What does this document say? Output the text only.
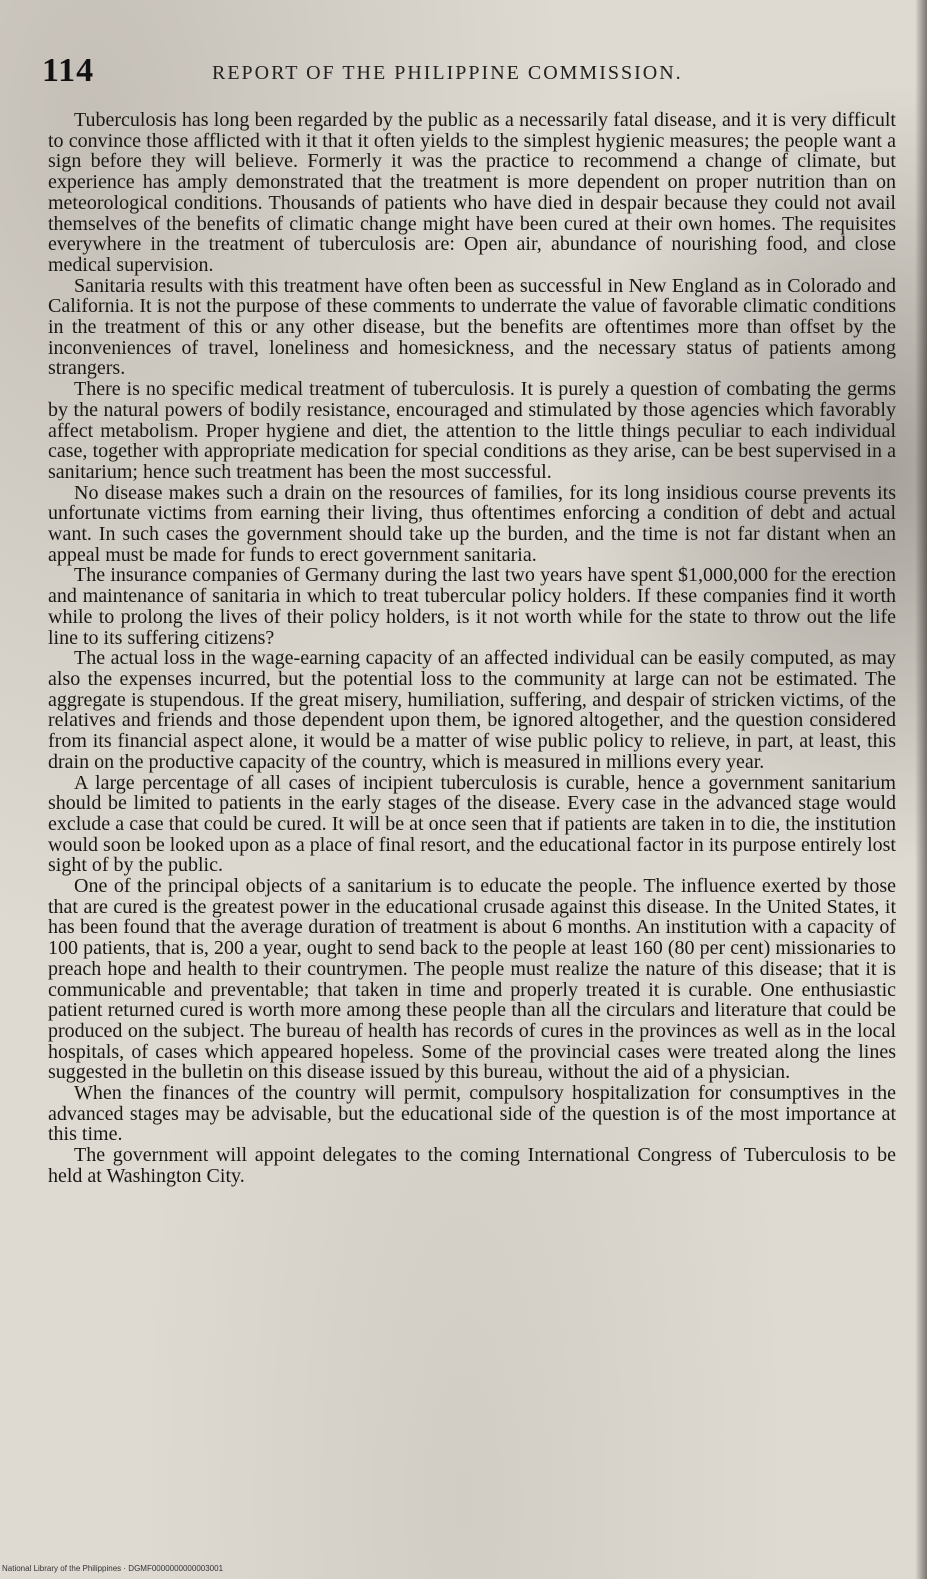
114	REPORT OF THE PHILIPPINE COMMISSION.

Tuberculosis has long been regarded by the public as a necessarily fatal disease, and it is very difficult to convince those afflicted with it that it often yields to the simplest hygienic measures; the people want a sign before they will believe. Formerly it was the practice to recommend a change of climate, but experience has amply demonstrated that the treatment is more dependent on proper nutrition than on meteorological conditions. Thousands of patients who have died in despair because they could not avail themselves of the benefits of climatic change might have been cured at their own homes. The requisites everywhere in the treatment of tuberculosis are: Open air, abundance of nourishing food, and close medical supervision.

Sanitaria results with this treatment have often been as successful in New England as in Colorado and California. It is not the purpose of these comments to underrate the value of favorable climatic conditions in the treatment of this or any other disease, but the benefits are oftentimes more than offset by the inconveniences of travel, loneliness and homesickness, and the necessary status of patients among strangers.

There is no specific medical treatment of tuberculosis. It is purely a question of combating the germs by the natural powers of bodily resistance, encouraged and stimulated by those agencies which favorably affect metabolism. Proper hygiene and diet, the attention to the little things peculiar to each individual case, together with appropriate medication for special conditions as they arise, can be best supervised in a sanitarium; hence such treatment has been the most successful.

No disease makes such a drain on the resources of families, for its long insidious course prevents its unfortunate victims from earning their living, thus oftentimes enforcing a condition of debt and actual want. In such cases the government should take up the burden, and the time is not far distant when an appeal must be made for funds to erect government sanitaria.

The insurance companies of Germany during the last two years have spent $1,000,000 for the erection and maintenance of sanitaria in which to treat tubercular policy holders. If these companies find it worth while to prolong the lives of their policy holders, is it not worth while for the state to throw out the life line to its suffering citizens?

The actual loss in the wage-earning capacity of an affected individual can be easily computed, as may also the expenses incurred, but the potential loss to the community at large can not be estimated. The aggregate is stupendous. If the great misery, humiliation, suffering, and despair of stricken victims, of the relatives and friends and those dependent upon them, be ignored altogether, and the question considered from its financial aspect alone, it would be a matter of wise public policy to relieve, in part, at least, this drain on the productive capacity of the country, which is measured in millions every year.

A large percentage of all cases of incipient tuberculosis is curable, hence a government sanitarium should be limited to patients in the early stages of the disease. Every case in the advanced stage would exclude a case that could be cured. It will be at once seen that if patients are taken in to die, the institution would soon be looked upon as a place of final resort, and the educational factor in its purpose entirely lost sight of by the public.

One of the principal objects of a sanitarium is to educate the people. The influence exerted by those that are cured is the greatest power in the educational crusade against this disease. In the United States, it has been found that the average duration of treatment is about 6 months. An institution with a capacity of 100 patients, that is, 200 a year, ought to send back to the people at least 160 (80 per cent) missionaries to preach hope and health to their countrymen. The people must realize the nature of this disease; that it is communicable and preventable; that taken in time and properly treated it is curable. One enthusiastic patient returned cured is worth more among these people than all the circulars and literature that could be produced on the subject. The bureau of health has records of cures in the provinces as well as in the local hospitals, of cases which appeared hopeless. Some of the provincial cases were treated along the lines suggested in the bulletin on this disease issued by this bureau, without the aid of a physician.

When the finances of the country will permit, compulsory hospitalization for consumptives in the advanced stages may be advisable, but the educational side of the question is of the most importance at this time.

The government will appoint delegates to the coming International Congress of Tuberculosis to be held at Washington City.

National Library of the Philippines · DGMF0000000000003001
